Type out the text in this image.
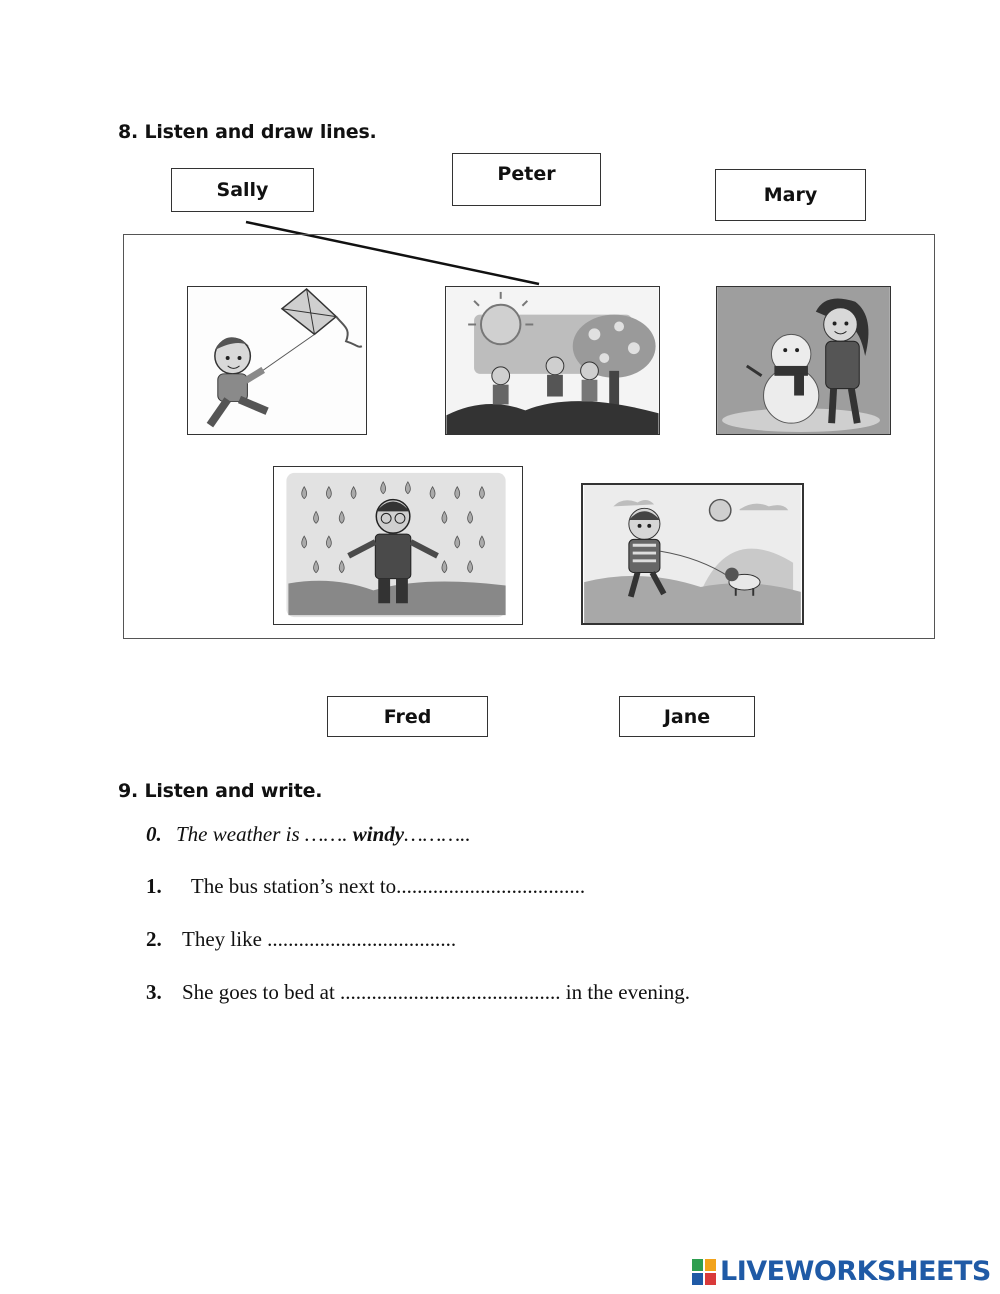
8. Listen and draw lines.
Sally
Peter
Mary
Fred	Jane
9. Listen and write.
0. The weather is ……. windy………..
1. The bus station’s next to....................................
2. They like ....................................
3. She goes to bed at .......................................... in the evening.
LIVEWORKSHEETS
